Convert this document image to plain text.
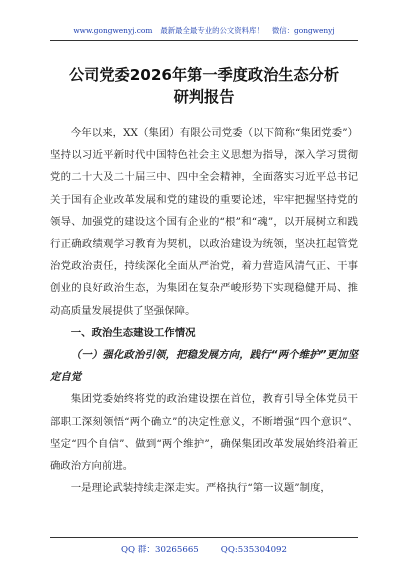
www.gongwenyj.com 最新最全最专业的公文资料库！ 微信：gongwenyj
公司党委2026年第一季度政治生态分析
研判报告

今年以来，XX（集团）有限公司党委（以下简称“集团党委”）坚持以习近平新时代中国特色社会主义思想为指导，深入学习贯彻党的二十大及二十届三中、四中全会精神，全面落实习近平总书记关于国有企业改革发展和党的建设的重要论述，牢牢把握坚持党的领导、加强党的建设这个国有企业的“根”和“魂”，以开展树立和践行正确政绩观学习教育为契机，以政治建设为统领，坚决扛起管党治党政治责任，持续深化全面从严治党，着力营造风清气正、干事创业的良好政治生态，为集团在复杂严峻形势下实现稳健开局、推动高质量发展提供了坚强保障。

一、政治生态建设工作情况

（一）强化政治引领，把稳发展方向，践行“两个维护”更加坚定自觉

集团党委始终将党的政治建设摆在首位，教育引导全体党员干部职工深刻领悟“两个确立”的决定性意义，不断增强“四个意识”、坚定“四个自信”、做到“两个维护”，确保集团改革发展始终沿着正确政治方向前进。

一是理论武装持续走深走实。严格执行“第一议题”制度，

QQ 群：30265665	QQ:535304092
